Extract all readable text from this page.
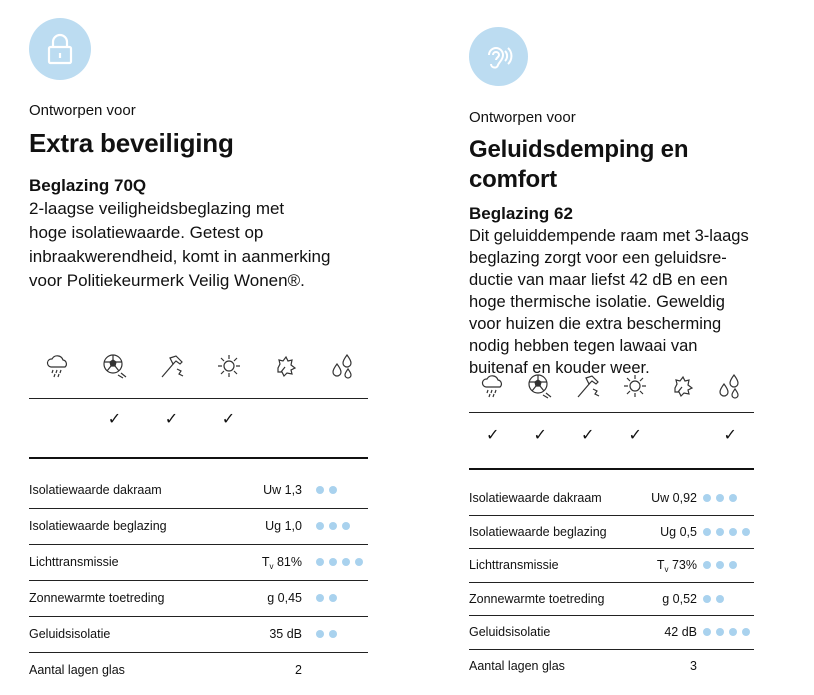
Ontworpen voor
Extra beveiliging
Beglazing 70Q

2-laagse veiligheidsbeglazing met
hoge isolatiewaarde. Getest op
inbraakwerendheid, komt in aanmerking
voor Politiekeurmerk Veilig Wonen®.

✓	✓	✓
Isolatiewaarde dakraam	Uw 1,3
Isolatiewaarde beglazing	Ug 1,0
Lichttransmissie	$T_v$ 81%
Zonnewarmte toetreding	g 0,45
Geluidsisolatie	35 dB
Aantal lagen glas	2
Ontworpen voor
Geluidsdemping en comfort
Beglazing 62

Dit geluiddempende raam met 3-laags
beglazing zorgt voor een geluidsre-
ductie van maar liefst 42 dB en een
hoge thermische isolatie. Geweldig
voor huizen die extra bescherming
nodig hebben tegen lawaai van
buitenaf en kouder weer.

✓	✓	✓	✓	✓
Isolatiewaarde dakraam	Uw 0,92
Isolatiewaarde beglazing	Ug 0,5
Lichttransmissie	$T_v$ 73%
Zonnewarmte toetreding	g 0,52
Geluidsisolatie	42 dB
Aantal lagen glas	3
